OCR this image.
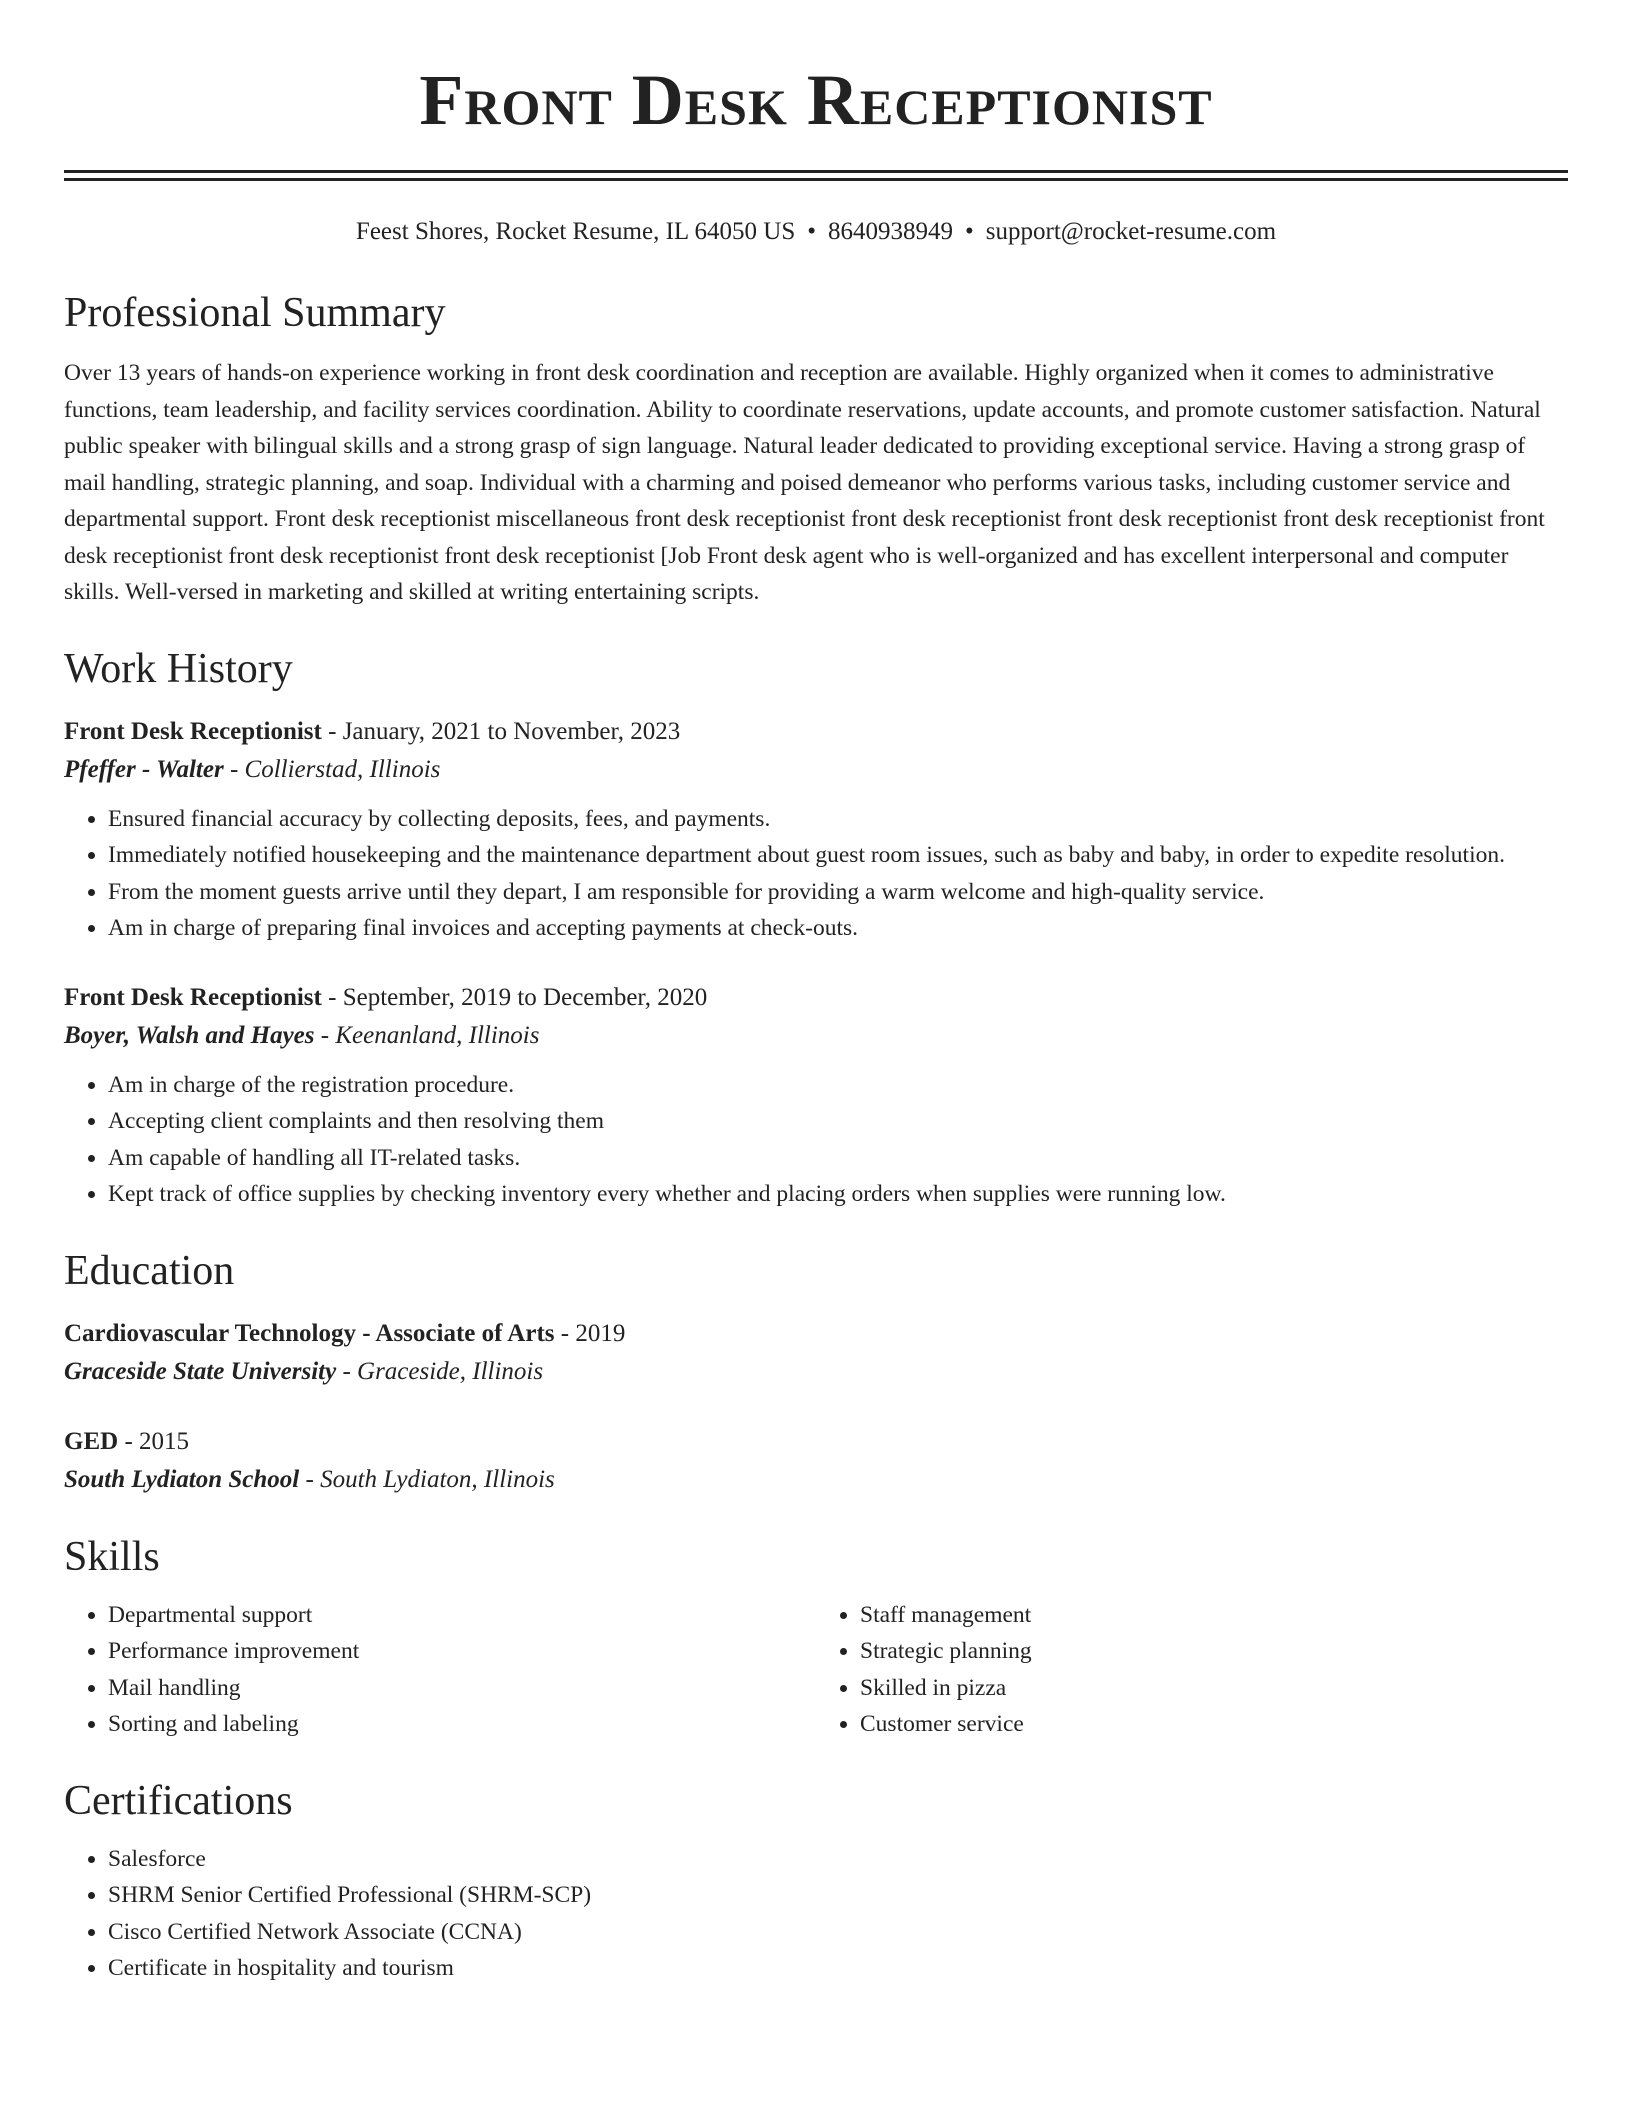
Front Desk Receptionist
Feest Shores, Rocket Resume, IL 64050 US • 8640938949 • support@rocket-resume.com
Professional Summary
Over 13 years of hands-on experience working in front desk coordination and reception are available. Highly organized when it comes to administrative functions, team leadership, and facility services coordination. Ability to coordinate reservations, update accounts, and promote customer satisfaction. Natural public speaker with bilingual skills and a strong grasp of sign language. Natural leader dedicated to providing exceptional service. Having a strong grasp of mail handling, strategic planning, and soap. Individual with a charming and poised demeanor who performs various tasks, including customer service and departmental support. Front desk receptionist miscellaneous front desk receptionist front desk receptionist front desk receptionist front desk receptionist front desk receptionist front desk receptionist front desk receptionist [Job Front desk agent who is well-organized and has excellent interpersonal and computer skills. Well-versed in marketing and skilled at writing entertaining scripts.
Work History
Front Desk Receptionist - January, 2021 to November, 2023
Pfeffer - Walter - Collierstad, Illinois
• Ensured financial accuracy by collecting deposits, fees, and payments.
• Immediately notified housekeeping and the maintenance department about guest room issues, such as baby and baby, in order to expedite resolution.
• From the moment guests arrive until they depart, I am responsible for providing a warm welcome and high-quality service.
• Am in charge of preparing final invoices and accepting payments at check-outs.
Front Desk Receptionist - September, 2019 to December, 2020
Boyer, Walsh and Hayes - Keenanland, Illinois
• Am in charge of the registration procedure.
• Accepting client complaints and then resolving them
• Am capable of handling all IT-related tasks.
• Kept track of office supplies by checking inventory every whether and placing orders when supplies were running low.
Education
Cardiovascular Technology - Associate of Arts - 2019
Graceside State University - Graceside, Illinois
GED - 2015
South Lydiaton School - South Lydiaton, Illinois
Skills
• Departmental support
• Performance improvement
• Mail handling
• Sorting and labeling
• Staff management
• Strategic planning
• Skilled in pizza
• Customer service
Certifications
• Salesforce
• SHRM Senior Certified Professional (SHRM-SCP)
• Cisco Certified Network Associate (CCNA)
• Certificate in hospitality and tourism
